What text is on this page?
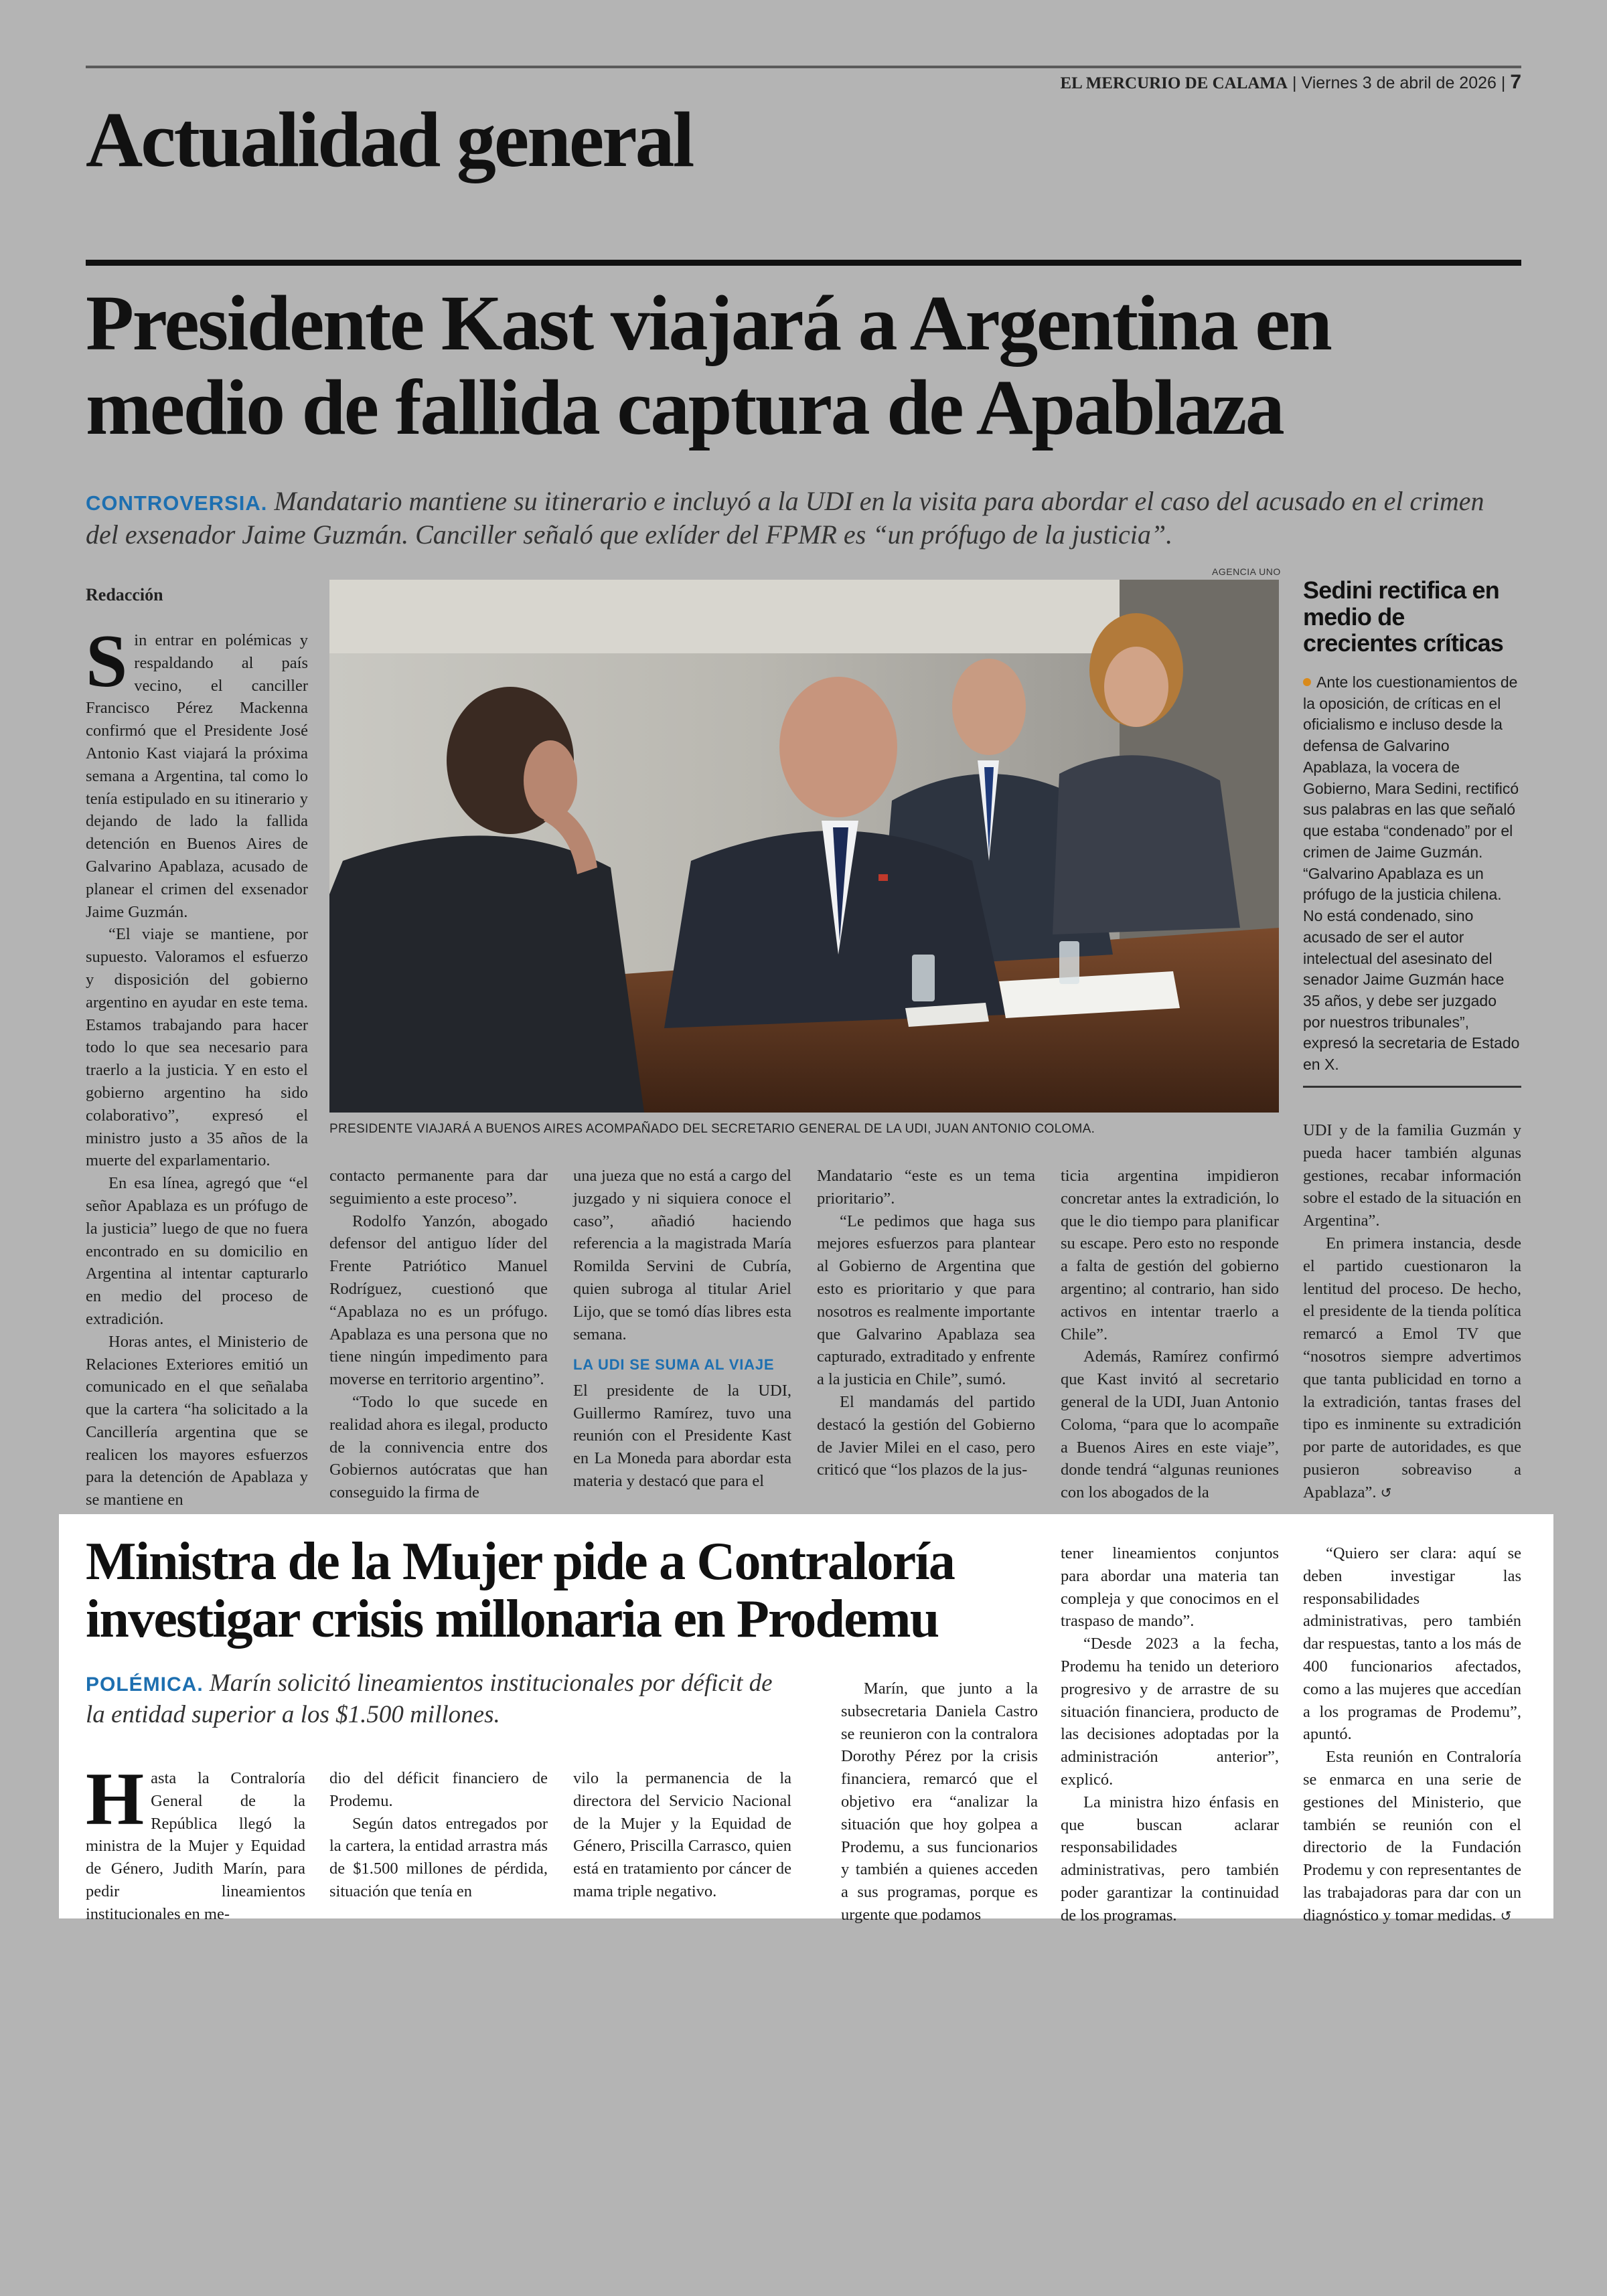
EL MERCURIO DE CALAMA | Viernes 3 de abril de 2026 | 7
Actualidad general
Presidente Kast viajará a Argentina en medio de fallida captura de Apablaza
CONTROVERSIA. Mandatario mantiene su itinerario e incluyó a la UDI en la visita para abordar el caso del acusado en el crimen del exsenador Jaime Guzmán. Canciller señaló que exlíder del FPMR es “un prófugo de la justicia”.
Redacción
AGENCIA UNO
PRESIDENTE VIAJARÁ A BUENOS AIRES ACOMPAÑADO DEL SECRETARIO GENERAL DE LA UDI, JUAN ANTONIO COLOMA.

Sin entrar en polémicas y respaldando al país vecino, el canciller Francisco Pérez Mackenna confirmó que el Presidente José Antonio Kast viajará la próxima semana a Argentina, tal como lo tenía estipulado en su itinerario y dejando de lado la fallida detención en Buenos Aires de Galvarino Apablaza, acusado de planear el crimen del exsenador Jaime Guzmán.

“El viaje se mantiene, por supuesto. Valoramos el esfuerzo y disposición del gobierno argentino en ayudar en este tema. Estamos trabajando para hacer todo lo que sea necesario para traerlo a la justicia. Y en esto el gobierno argentino ha sido colaborativo”, expresó el ministro justo a 35 años de la muerte del exparlamentario.

En esa línea, agregó que “el señor Apablaza es un prófugo de la justicia” luego de que no fuera encontrado en su domicilio en Argentina al intentar capturarlo en medio del proceso de extradición.

Horas antes, el Ministerio de Relaciones Exteriores emitió un comunicado en el que señalaba que la cartera “ha solicitado a la Cancillería argentina que se realicen los mayores esfuerzos para la detención de Apablaza y se mantiene en

contacto permanente para dar seguimiento a este proceso”.

Rodolfo Yanzón, abogado defensor del antiguo líder del Frente Patriótico Manuel Rodríguez, cuestionó que “Apablaza no es un prófugo. Apablaza es una persona que no tiene ningún impedimento para moverse en territorio argentino”.

“Todo lo que sucede en realidad ahora es ilegal, producto de la connivencia entre dos Gobiernos autócratas que han conseguido la firma de

una jueza que no está a cargo del juzgado y ni siquiera conoce el caso”, añadió haciendo referencia a la magistrada María Romilda Servini de Cubría, quien subroga al titular Ariel Lijo, que se tomó días libres esta semana.

LA UDI SE SUMA AL VIAJE

El presidente de la UDI, Guillermo Ramírez, tuvo una reunión con el Presidente Kast en La Moneda para abordar esta materia y destacó que para el

Mandatario “este es un tema prioritario”.

“Le pedimos que haga sus mejores esfuerzos para plantear al Gobierno de Argentina que esto es prioritario y que para nosotros es realmente importante que Galvarino Apablaza sea capturado, extraditado y enfrente a la justicia en Chile”, sumó.

El mandamás del partido destacó la gestión del Gobierno de Javier Milei en el caso, pero criticó que “los plazos de la jus-

ticia argentina impidieron concretar antes la extradición, lo que le dio tiempo para planificar su escape. Pero esto no responde a falta de gestión del gobierno argentino; al contrario, han sido activos en intentar traerlo a Chile”.

Además, Ramírez confirmó que Kast invitó al secretario general de la UDI, Juan Antonio Coloma, “para que lo acompañe a Buenos Aires en este viaje”, donde tendrá “algunas reuniones con los abogados de la

Sedini rectifica en medio de crecientes críticas

Ante los cuestionamientos de la oposición, de críticas en el oficialismo e incluso desde la defensa de Galvarino Apablaza, la vocera de Gobierno, Mara Sedini, rectificó sus palabras en las que señaló que estaba “condenado” por el crimen de Jaime Guzmán. “Galvarino Apablaza es un prófugo de la justicia chilena. No está condenado, sino acusado de ser el autor intelectual del asesinato del senador Jaime Guzmán hace 35 años, y debe ser juzgado por nuestros tribunales”, expresó la secretaria de Estado en X.

UDI y de la familia Guzmán y pueda hacer también algunas gestiones, recabar información sobre el estado de la situación en Argentina”.

En primera instancia, desde el partido cuestionaron la lentitud del proceso. De hecho, el presidente de la tienda política remarcó a Emol TV que “nosotros siempre advertimos que tanta publicidad en torno a la extradición, tantas frases del tipo es inminente su extradición por parte de autoridades, es que pusieron sobreaviso a Apablaza”. ↺

Ministra de la Mujer pide a Contraloría investigar crisis millonaria en Prodemu
POLÉMICA. Marín solicitó lineamientos institucionales por déficit de la entidad superior a los $1.500 millones.

Hasta la Contraloría General de la República llegó la ministra de la Mujer y Equidad de Género, Judith Marín, para pedir lineamientos institucionales en me-

dio del déficit financiero de Prodemu.

Según datos entregados por la cartera, la entidad arrastra más de $1.500 millones de pérdida, situación que tenía en

vilo la permanencia de la directora del Servicio Nacional de la Mujer y la Equidad de Género, Priscilla Carrasco, quien está en tratamiento por cáncer de mama triple negativo.

Marín, que junto a la subsecretaria Daniela Castro se reunieron con la contralora Dorothy Pérez por la crisis financiera, remarcó que el objetivo era “analizar la situación que hoy golpea a Prodemu, a sus funcionarios y también a quienes acceden a sus programas, porque es urgente que podamos

tener lineamientos conjuntos para abordar una materia tan compleja y que conocimos en el traspaso de mando”.

“Desde 2023 a la fecha, Prodemu ha tenido un deterioro progresivo y de arrastre de su situación financiera, producto de las decisiones adoptadas por la administración anterior”, explicó.

La ministra hizo énfasis en que buscan aclarar responsabilidades administrativas, pero también poder garantizar la continuidad de los programas.

“Quiero ser clara: aquí se deben investigar las responsabilidades administrativas, pero también dar respuestas, tanto a los más de 400 funcionarios afectados, como a las mujeres que accedían a los programas de Prodemu”, apuntó.

Esta reunión en Contraloría se enmarca en una serie de gestiones del Ministerio, que también se reunión con el directorio de la Fundación Prodemu y con representantes de las trabajadoras para dar con un diagnóstico y tomar medidas. ↺
